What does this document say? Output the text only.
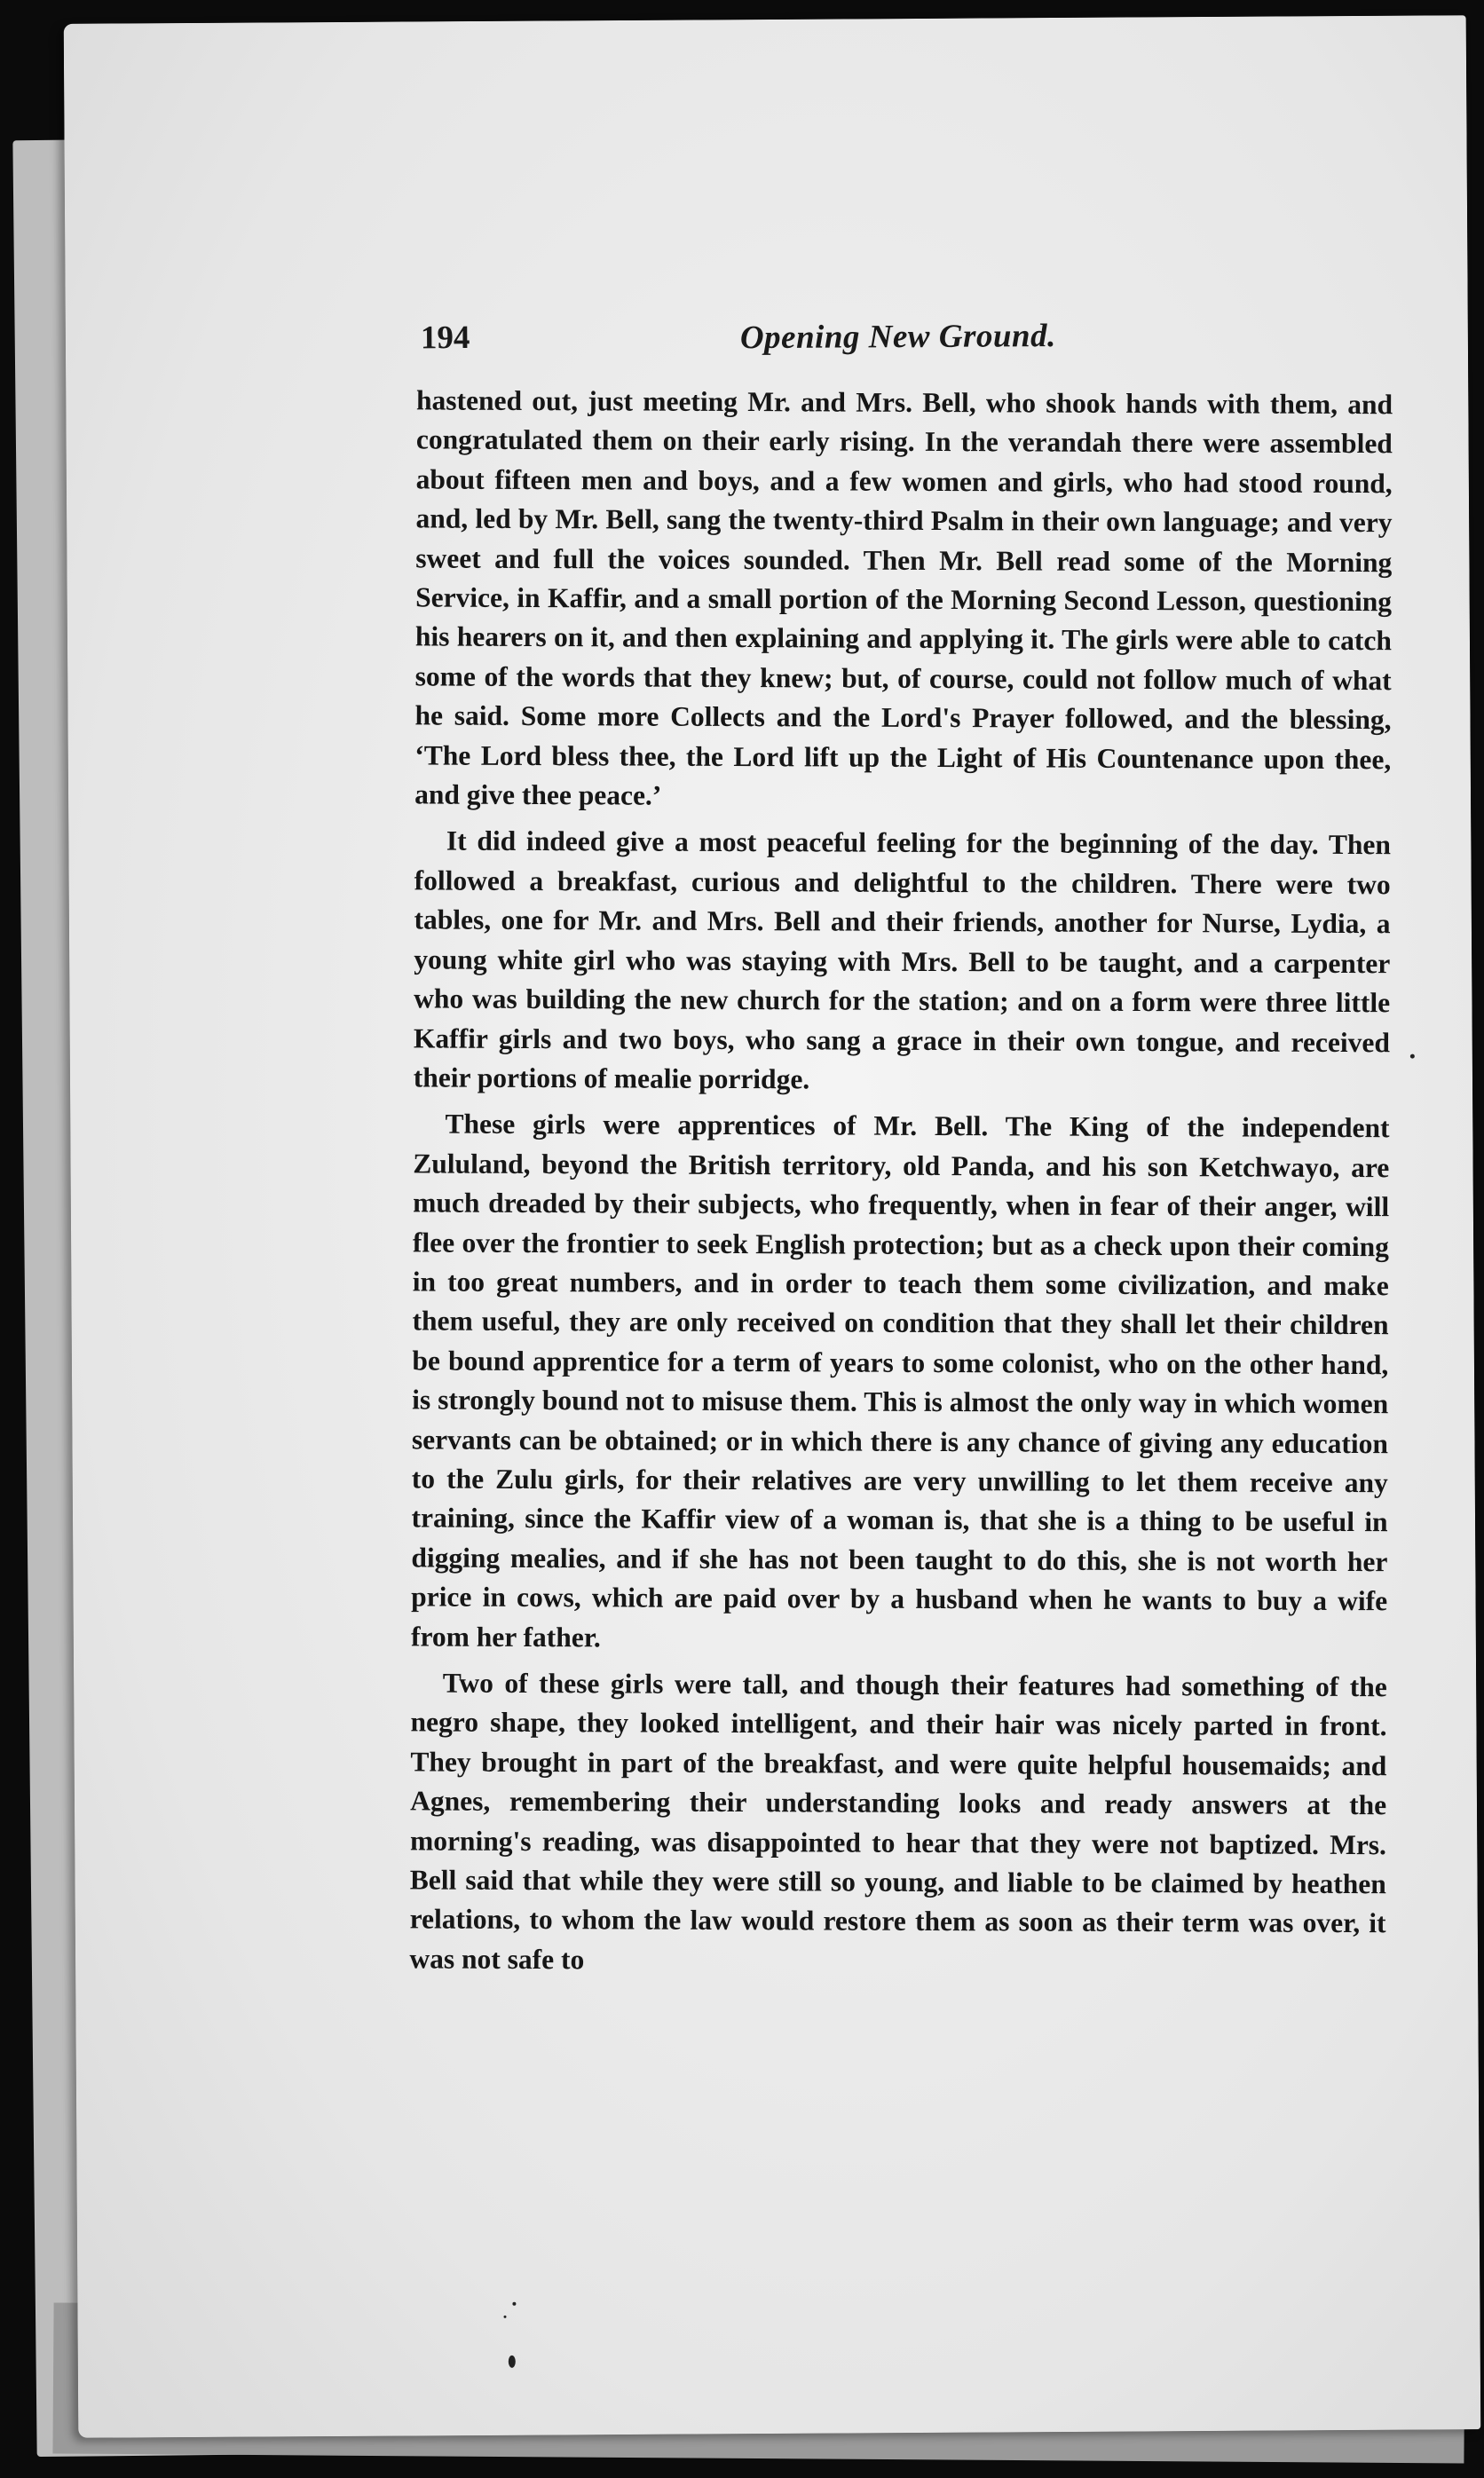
194	Opening New Ground.

hastened out, just meeting Mr. and Mrs. Bell, who shook hands with them, and congratulated them on their early rising. In the verandah there were assembled about fifteen men and boys, and a few women and girls, who had stood round, and, led by Mr. Bell, sang the twenty-third Psalm in their own language; and very sweet and full the voices sounded. Then Mr. Bell read some of the Morning Service, in Kaffir, and a small portion of the Morning Second Lesson, questioning his hearers on it, and then explaining and applying it. The girls were able to catch some of the words that they knew; but, of course, could not follow much of what he said. Some more Collects and the Lord's Prayer followed, and the blessing, ‘The Lord bless thee, the Lord lift up the Light of His Countenance upon thee, and give thee peace.’

It did indeed give a most peaceful feeling for the beginning of the day. Then followed a breakfast, curious and delightful to the children. There were two tables, one for Mr. and Mrs. Bell and their friends, another for Nurse, Lydia, a young white girl who was staying with Mrs. Bell to be taught, and a carpenter who was building the new church for the station; and on a form were three little Kaffir girls and two boys, who sang a grace in their own tongue, and received their portions of mealie porridge.

These girls were apprentices of Mr. Bell. The King of the independent Zululand, beyond the British territory, old Panda, and his son Ketchwayo, are much dreaded by their subjects, who frequently, when in fear of their anger, will flee over the frontier to seek English protection; but as a check upon their coming in too great numbers, and in order to teach them some civilization, and make them useful, they are only received on condition that they shall let their children be bound apprentice for a term of years to some colonist, who on the other hand, is strongly bound not to misuse them. This is almost the only way in which women servants can be obtained; or in which there is any chance of giving any education to the Zulu girls, for their relatives are very unwilling to let them receive any training, since the Kaffir view of a woman is, that she is a thing to be useful in digging mealies, and if she has not been taught to do this, she is not worth her price in cows, which are paid over by a husband when he wants to buy a wife from her father.

Two of these girls were tall, and though their features had something of the negro shape, they looked intelligent, and their hair was nicely parted in front. They brought in part of the breakfast, and were quite helpful housemaids; and Agnes, remembering their understanding looks and ready answers at the morning's reading, was disappointed to hear that they were not baptized. Mrs. Bell said that while they were still so young, and liable to be claimed by heathen relations, to whom the law would restore them as soon as their term was over, it was not safe to
